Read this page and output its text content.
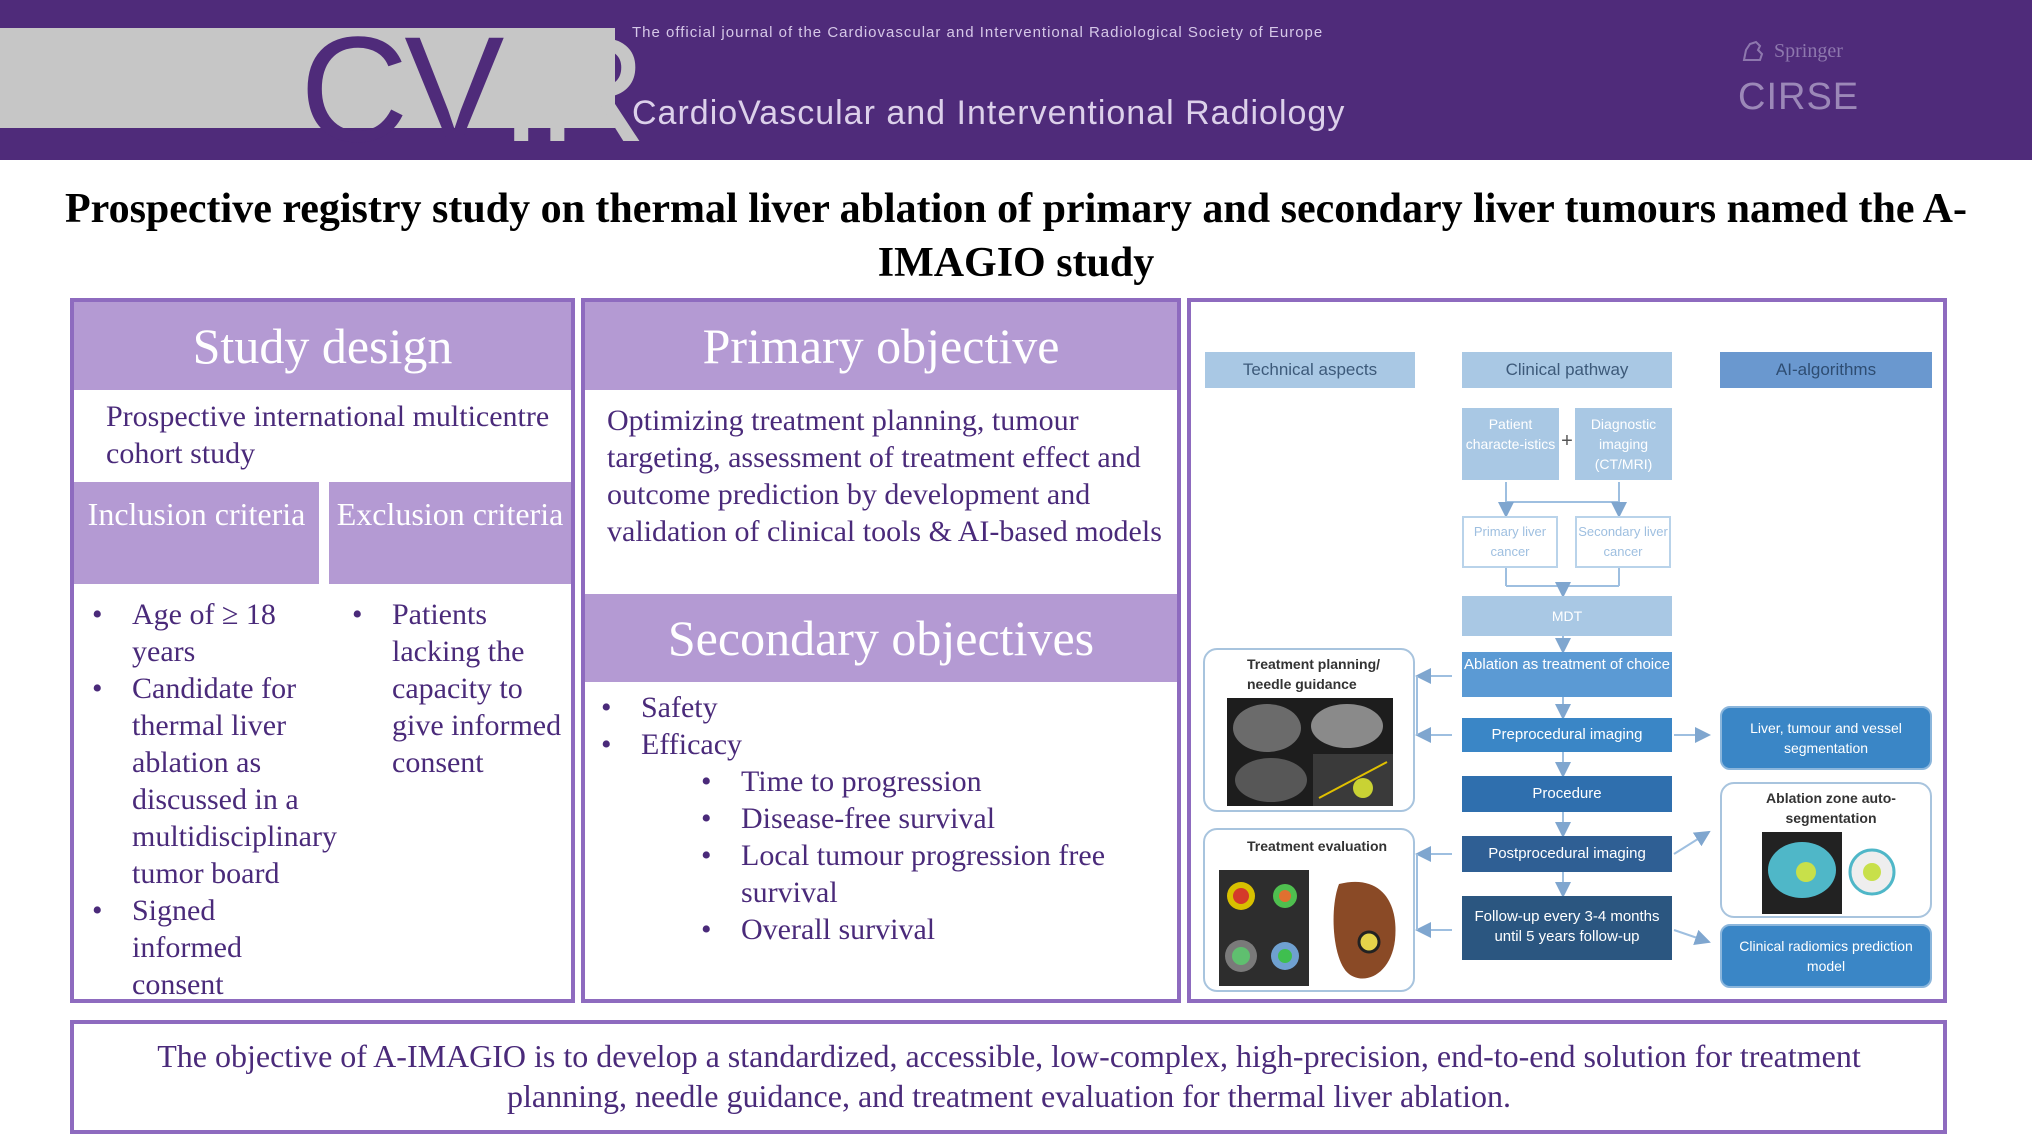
CVIR
The official journal of the Cardiovascular and Interventional Radiological Society of Europe
CardioVascular and Interventional Radiology
Springer
CIRSE
Prospective registry study on thermal liver ablation of primary and secondary liver tumours named the A-IMAGIO study
Study design
Prospective international multicentre cohort study
Inclusion criteria Exclusion criteria
• Age of ≥ 18 years
• Candidate for thermal liver ablation as discussed in a multidisciplinary tumor board
• Signed informed consent
• Patients lacking the capacity to give informed consent
Primary objective
Optimizing treatment planning, tumour targeting, assessment of treatment effect and outcome prediction by development and validation of clinical tools & AI-based models
Secondary objectives
• Safety
• Efficacy
• Time to progression
• Disease-free survival
• Local tumour progression free survival
• Overall survival
Technical aspects	Clinical pathway	AI-algorithms
Patient characte-istics +
Diagnostic imaging (CT/MRI)
Primary liver cancer
Secondary liver cancer
MDT
Ablation as treatment of choice
Preprocedural imaging
Procedure
Postprocedural imaging
Follow-up every 3-4 months until 5 years follow-up
Treatment planning/ needle guidance
Treatment evaluation
Liver, tumour and vessel segmentation
Ablation zone auto-segmentation
Clinical radiomics prediction model
The objective of A-IMAGIO is to develop a standardized, accessible, low-complex, high-precision, end-to-end solution for treatment planning, needle guidance, and treatment evaluation for thermal liver ablation.
